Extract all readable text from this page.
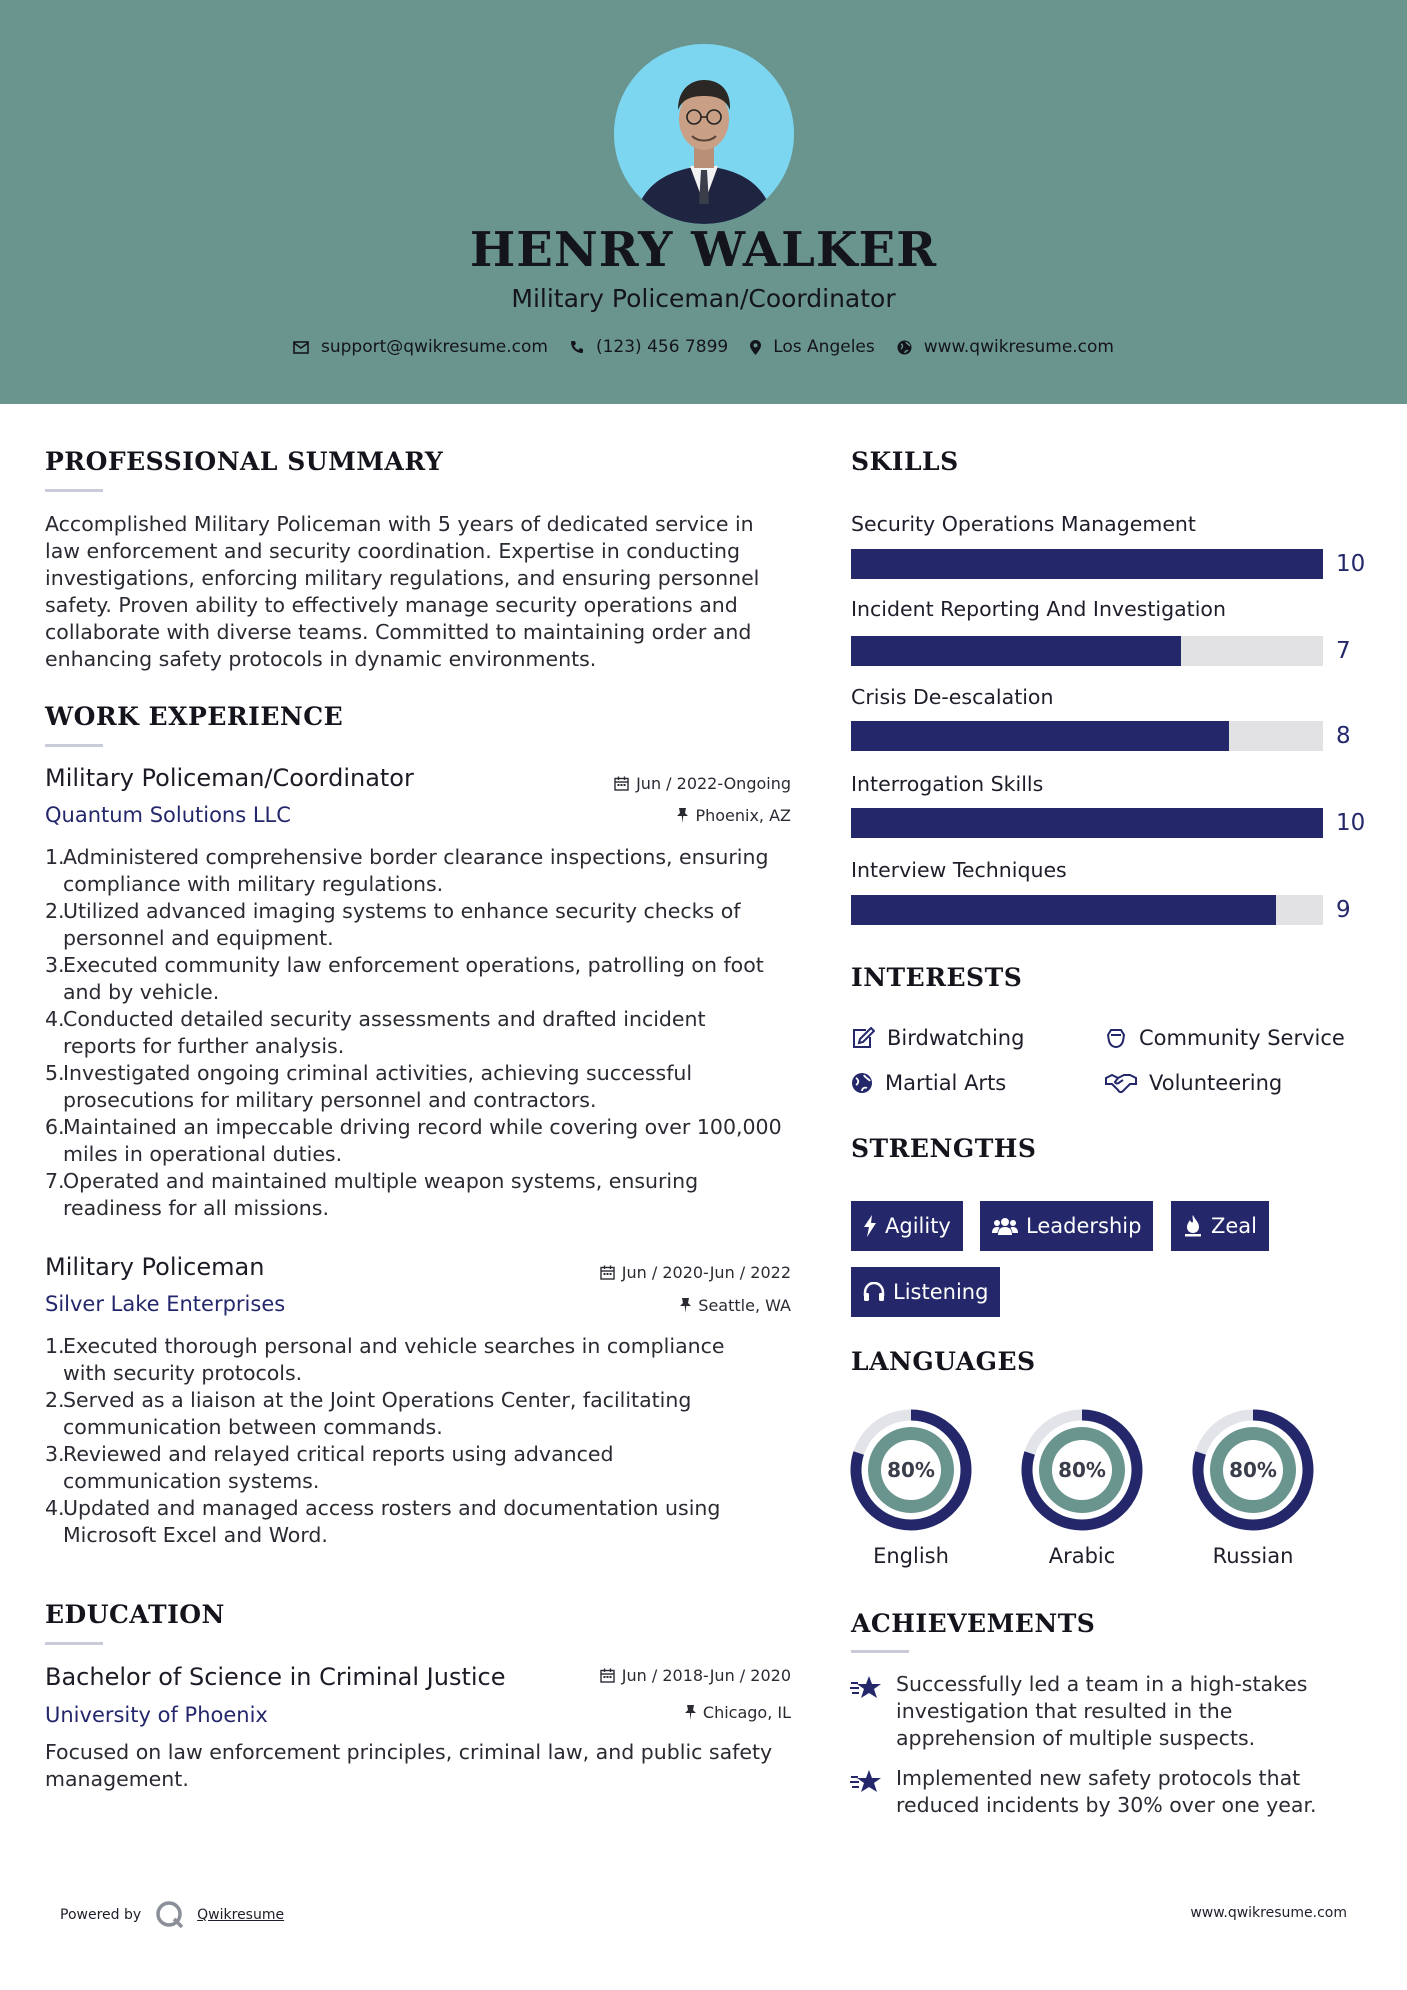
HENRY WALKER
Military Policeman/Coordinator
support@qwikresume.com	(123) 456 7899	Los Angeles	www.qwikresume.com
PROFESSIONAL SUMMARY
Accomplished Military Policeman with 5 years of dedicated service in
law enforcement and security coordination. Expertise in conducting
investigations, enforcing military regulations, and ensuring personnel
safety. Proven ability to effectively manage security operations and
collaborate with diverse teams. Committed to maintaining order and
enhancing safety protocols in dynamic environments.
WORK EXPERIENCE
Military Policeman/Coordinator
Quantum Solutions LLC
Jun / 2022-Ongoing
Phoenix, AZ
1.
Administered comprehensive border clearance inspections, ensuring
compliance with military regulations.
2.
Utilized advanced imaging systems to enhance security checks of
personnel and equipment.
3.
Executed community law enforcement operations, patrolling on foot
and by vehicle.
4.
Conducted detailed security assessments and drafted incident
reports for further analysis.
5.
Investigated ongoing criminal activities, achieving successful
prosecutions for military personnel and contractors.
6.
Maintained an impeccable driving record while covering over 100,000
miles in operational duties.
7.
Operated and maintained multiple weapon systems, ensuring
readiness for all missions.
Military Policeman
Silver Lake Enterprises
Jun / 2020-Jun / 2022
Seattle, WA
1.
Executed thorough personal and vehicle searches in compliance
with security protocols.
2.
Served as a liaison at the Joint Operations Center, facilitating
communication between commands.
3.
Reviewed and relayed critical reports using advanced
communication systems.
4.
Updated and managed access rosters and documentation using
Microsoft Excel and Word.
EDUCATION
Bachelor of Science in Criminal Justice
University of Phoenix
Jun / 2018-Jun / 2020
Chicago, IL
Focused on law enforcement principles, criminal law, and public safety
management.
SKILLS
Security Operations Management
10
Incident Reporting And Investigation
7
Crisis De-escalation
8
Interrogation Skills
10
Interview Techniques
9
INTERESTS
Birdwatching	Community Service
Martial Arts	Volunteering
STRENGTHS
Agility	Leadership	Zeal
Listening
LANGUAGES
80%
English
80%
Arabic
80%
Russian
ACHIEVEMENTS
Successfully led a team in a high-stakes
investigation that resulted in the
apprehension of multiple suspects.
Implemented new safety protocols that
reduced incidents by 30% over one year.
Powered by	Qwikresume	www.qwikresume.com
